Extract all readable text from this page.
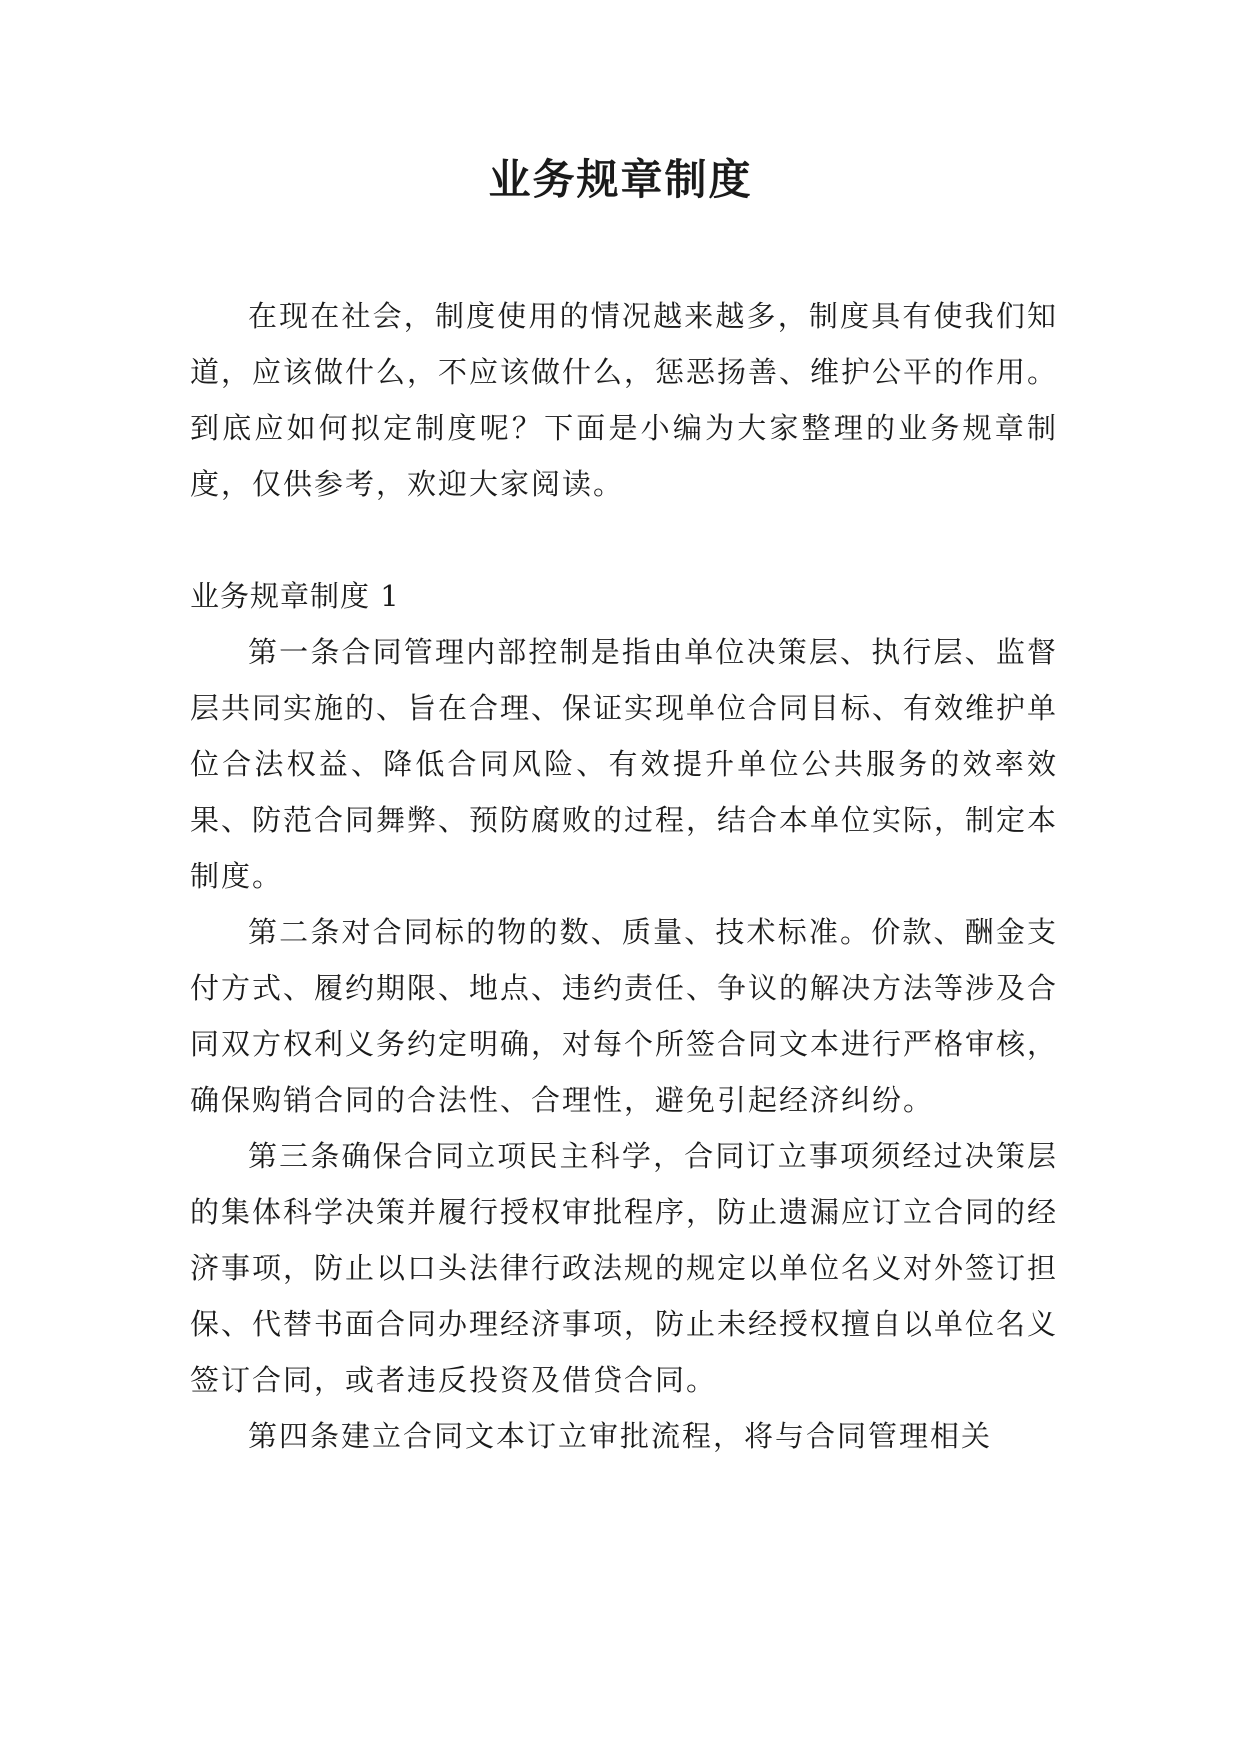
业务规章制度

在现在社会，制度使用的情况越来越多，制度具有使我们知道，应该做什么，不应该做什么，惩恶扬善、维护公平的作用。到底应如何拟定制度呢？下面是小编为大家整理的业务规章制度，仅供参考，欢迎大家阅读。

业务规章制度 1

第一条合同管理内部控制是指由单位决策层、执行层、监督层共同实施的、旨在合理、保证实现单位合同目标、有效维护单位合法权益、降低合同风险、有效提升单位公共服务的效率效果、防范合同舞弊、预防腐败的过程，结合本单位实际，制定本制度。

第二条对合同标的物的数、质量、技术标准。价款、酬金支付方式、履约期限、地点、违约责任、争议的解决方法等涉及合同双方权利义务约定明确，对每个所签合同文本进行严格审核，确保购销合同的合法性、合理性，避免引起经济纠纷。

第三条确保合同立项民主科学，合同订立事项须经过决策层的集体科学决策并履行授权审批程序，防止遗漏应订立合同的经济事项，防止以口头法律行政法规的规定以单位名义对外签订担保、代替书面合同办理经济事项，防止未经授权擅自以单位名义签订合同，或者违反投资及借贷合同。

第四条建立合同文本订立审批流程，将与合同管理相关
